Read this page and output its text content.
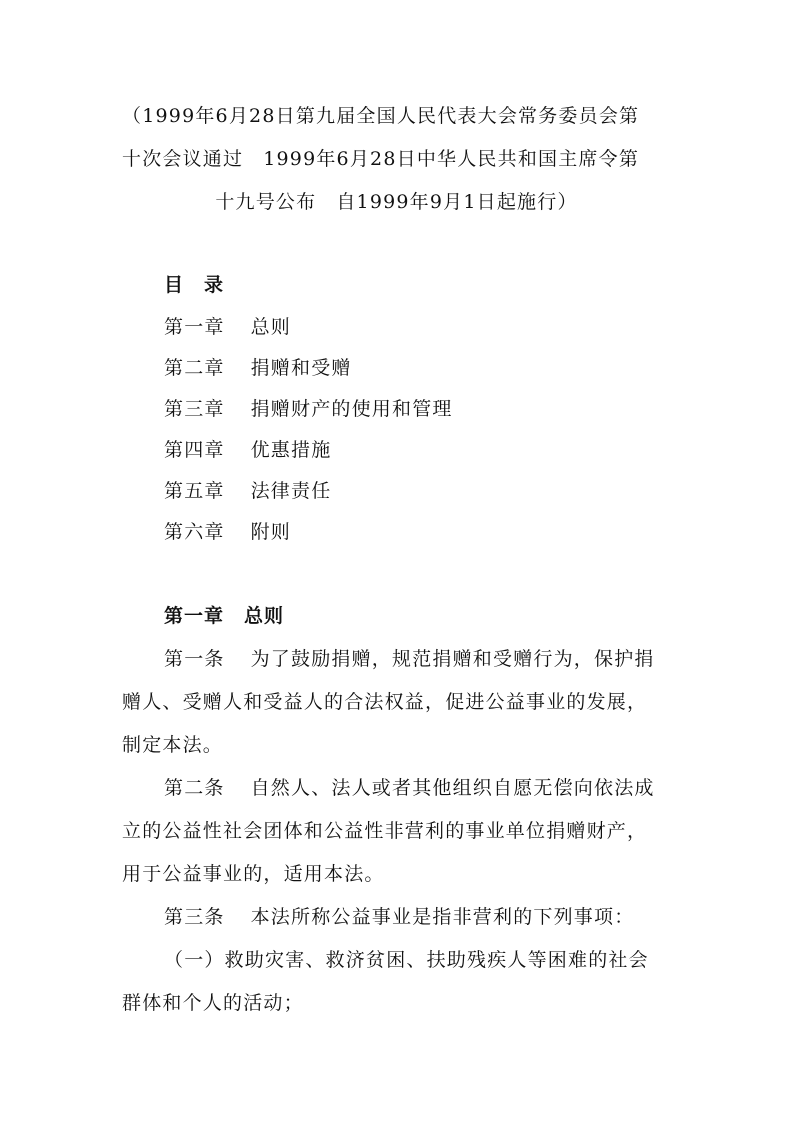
（1999年6月28日第九届全国人民代表大会常务委员会第
十次会议通过 1999年6月28日中华人民共和国主席令第
十九号公布 自1999年9月1日起施行）
目　录
第一章 总则
第二章 捐赠和受赠
第三章 捐赠财产的使用和管理
第四章 优惠措施
第五章 法律责任
第六章 附则
第一章 总则
第一条 为了鼓励捐赠，规范捐赠和受赠行为，保护捐
赠人、受赠人和受益人的合法权益，促进公益事业的发展，
制定本法。
第二条 自然人、法人或者其他组织自愿无偿向依法成
立的公益性社会团体和公益性非营利的事业单位捐赠财产，
用于公益事业的，适用本法。
第三条 本法所称公益事业是指非营利的下列事项：
（一）救助灾害、救济贫困、扶助残疾人等困难的社会
群体和个人的活动；
